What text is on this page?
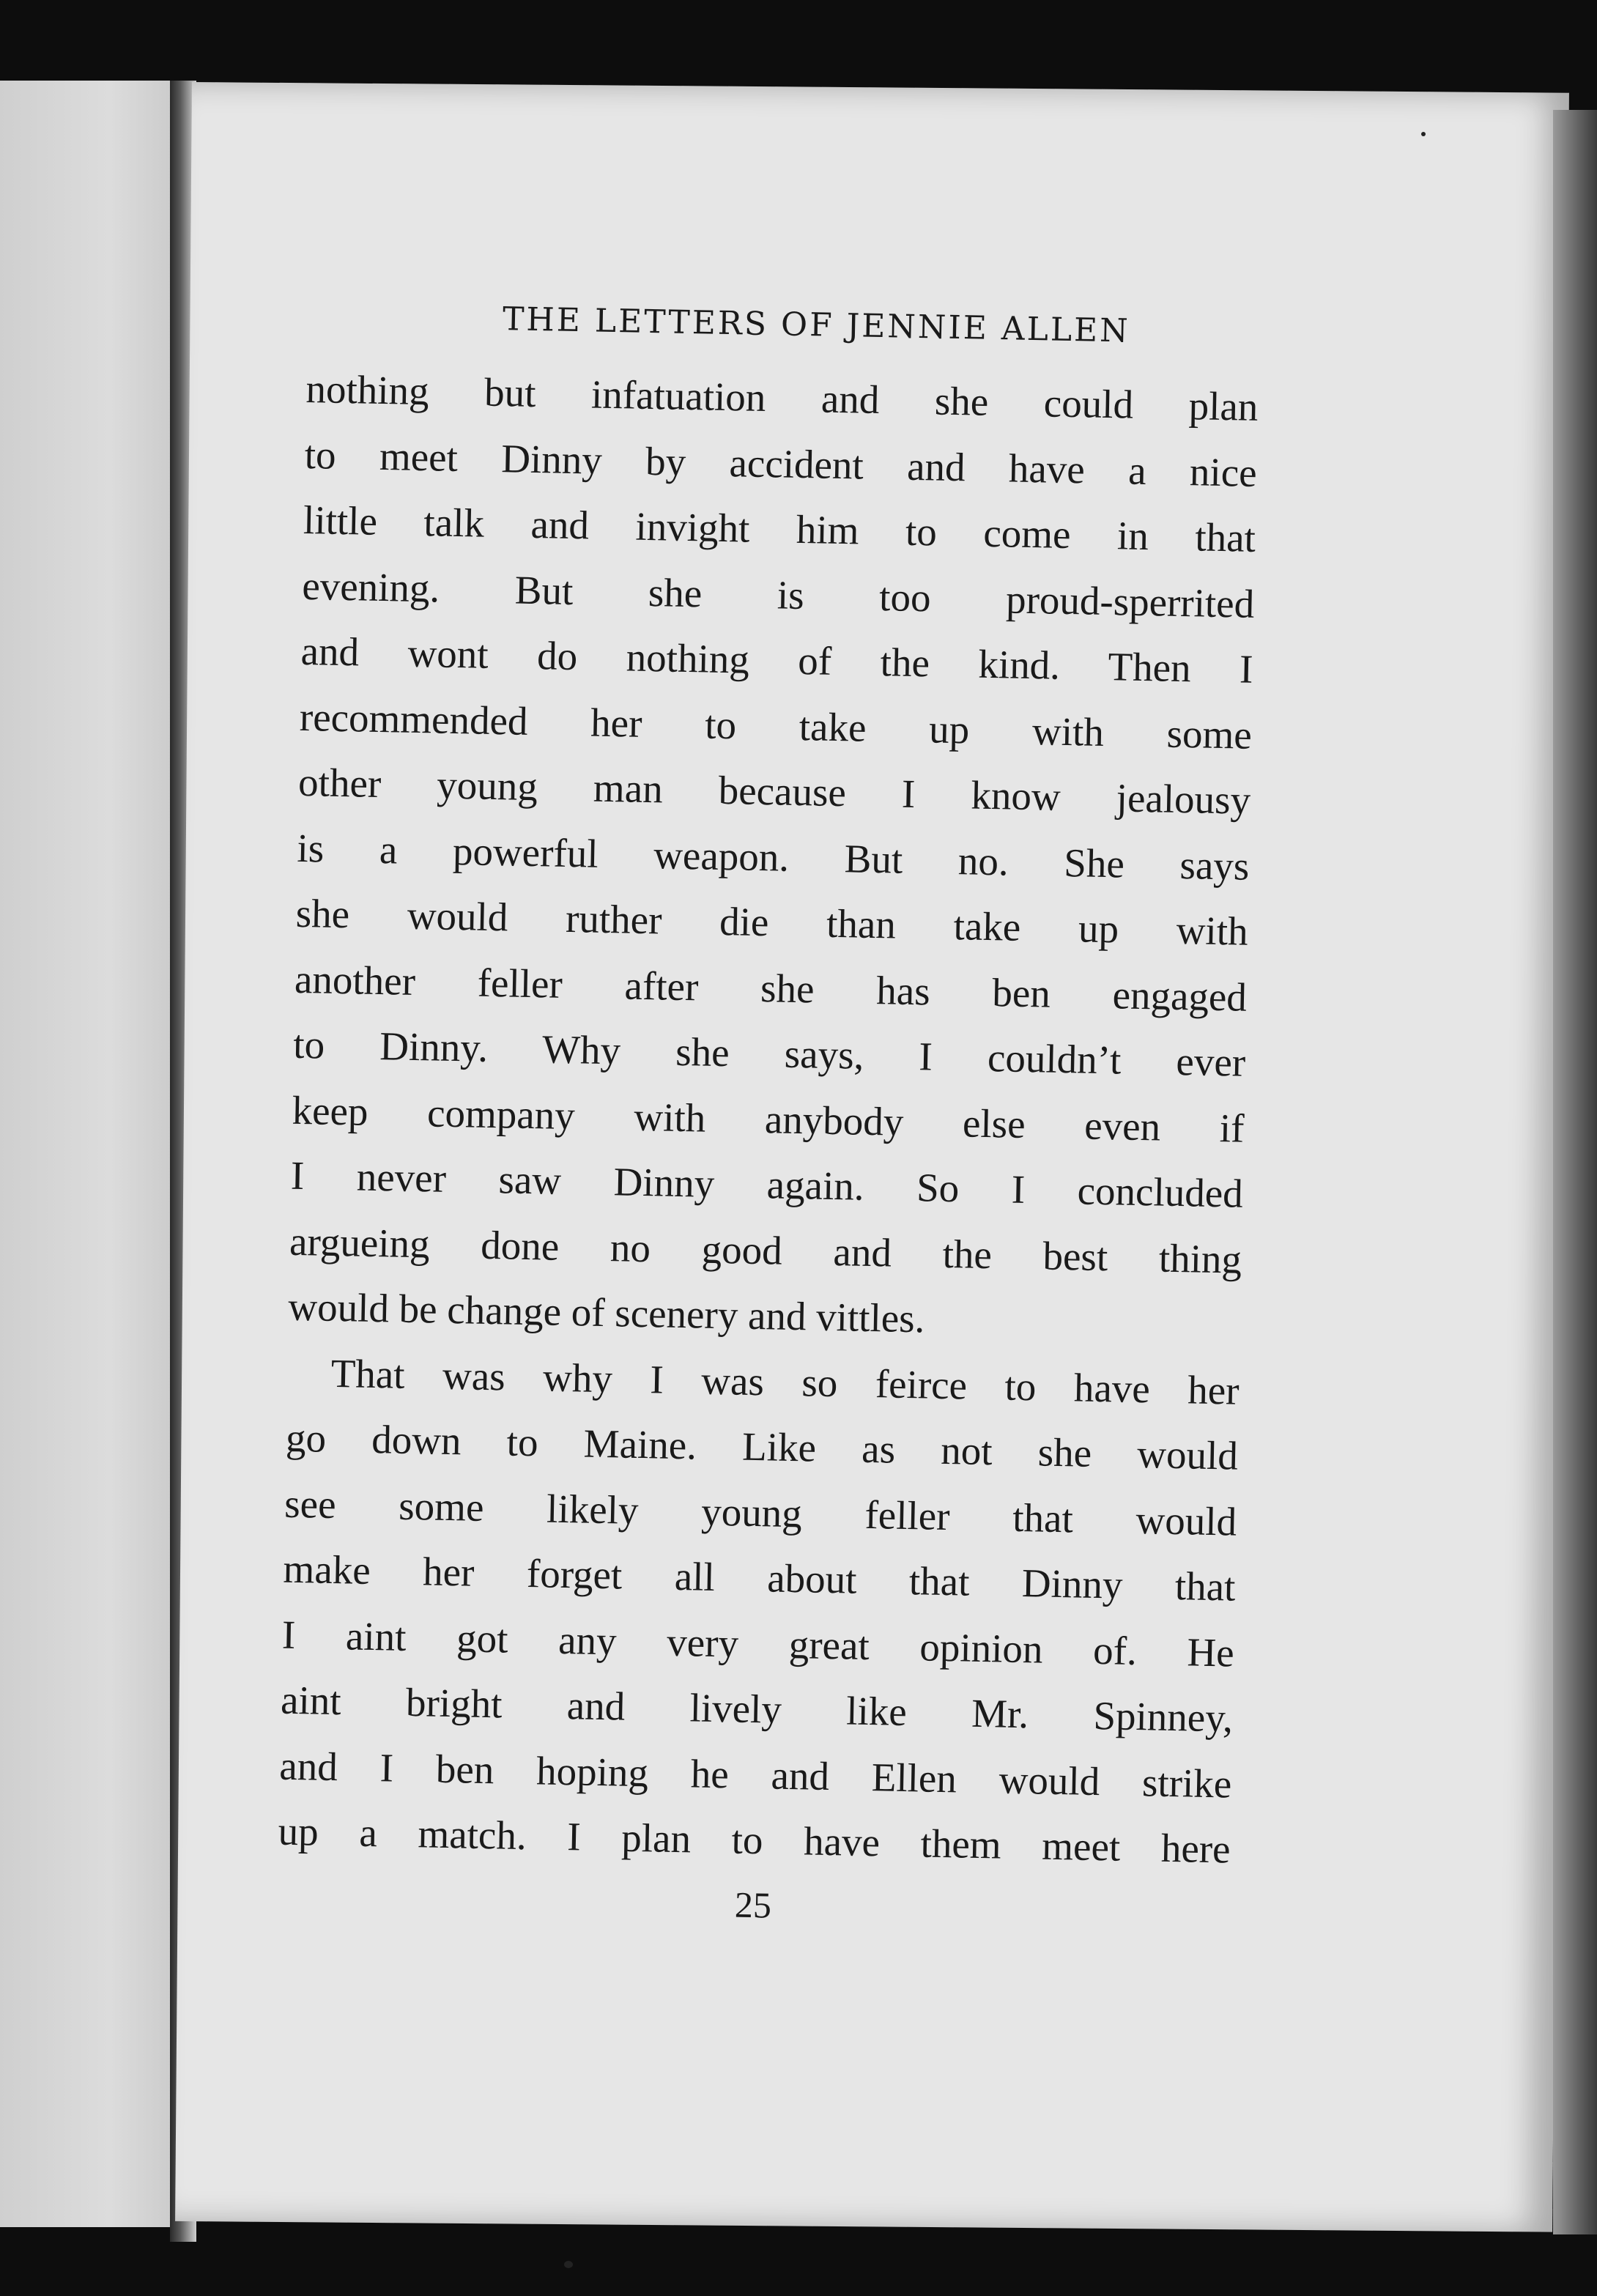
THE LETTERS OF JENNIE ALLEN
nothing but infatuation and she could plan
to meet Dinny by accident and have a nice
little talk and invight him to come in that
evening. But she is too proud-sperrited
and wont do nothing of the kind. Then I
recommended her to take up with some
other young man because I know jealousy
is a powerful weapon. But no. She says
she would ruther die than take up with
another feller after she has ben engaged
to Dinny. Why she says, I couldn’t ever
keep company with anybody else even if
I never saw Dinny again. So I concluded
argueing done no good and the best thing
would be change of scenery and vittles.
That was why I was so feirce to have her
go down to Maine. Like as not she would
see some likely young feller that would
make her forget all about that Dinny that
I aint got any very great opinion of. He
aint bright and lively like Mr. Spinney,
and I ben hoping he and Ellen would strike
up a match. I plan to have them meet here
25
